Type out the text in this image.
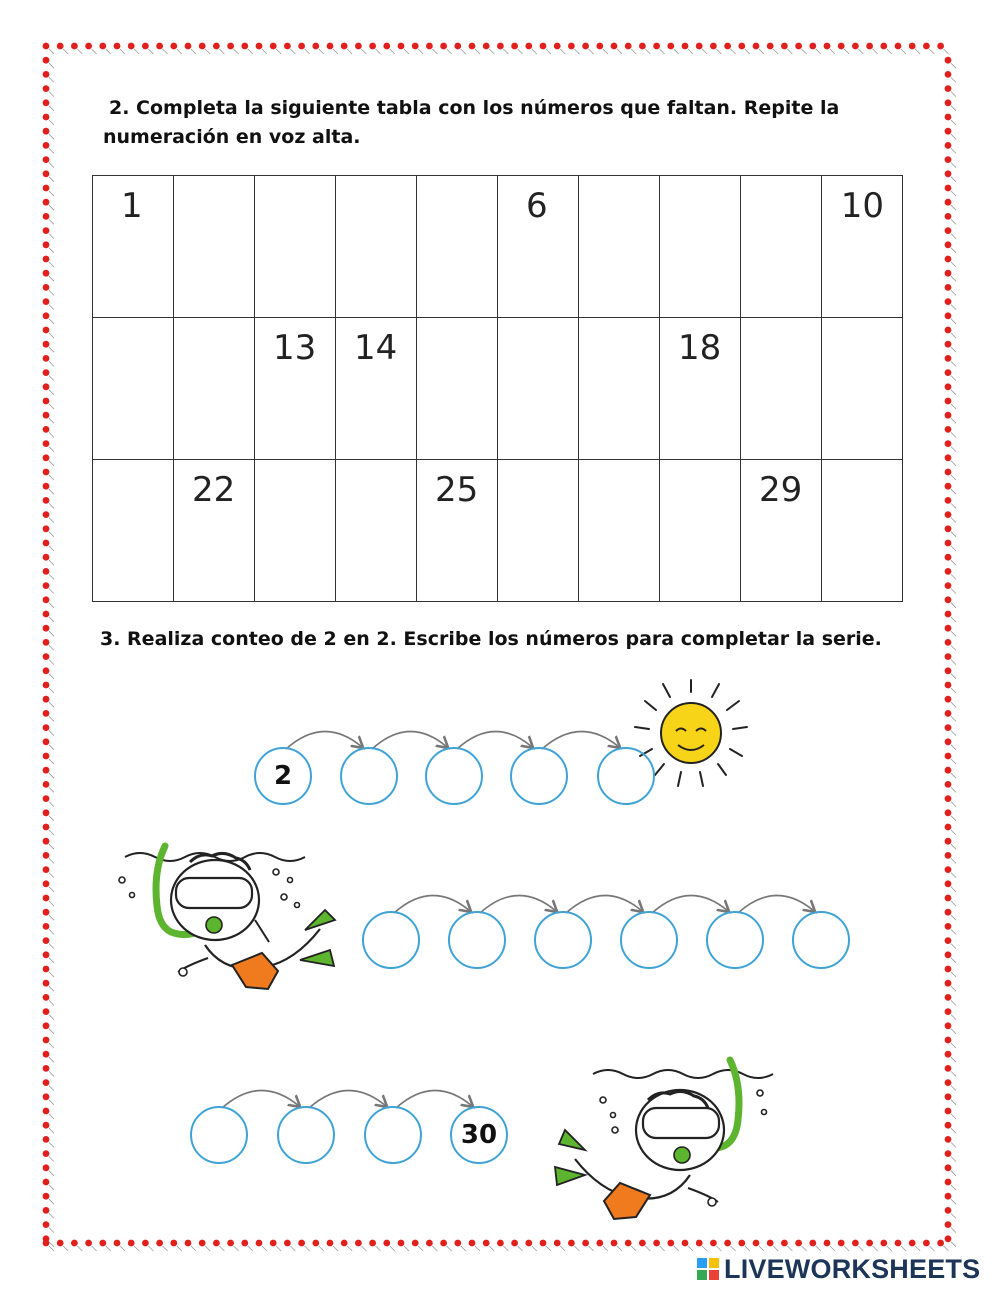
2. Completa la siguiente tabla con los números que faltan. Repite la
numeración en voz alta.

1					6				10

		13	14				18		

	22			25				29	

3. Realiza conteo de 2 en 2. Escribe los números para completar la serie.

2
30
LIVEWORKSHEETS
